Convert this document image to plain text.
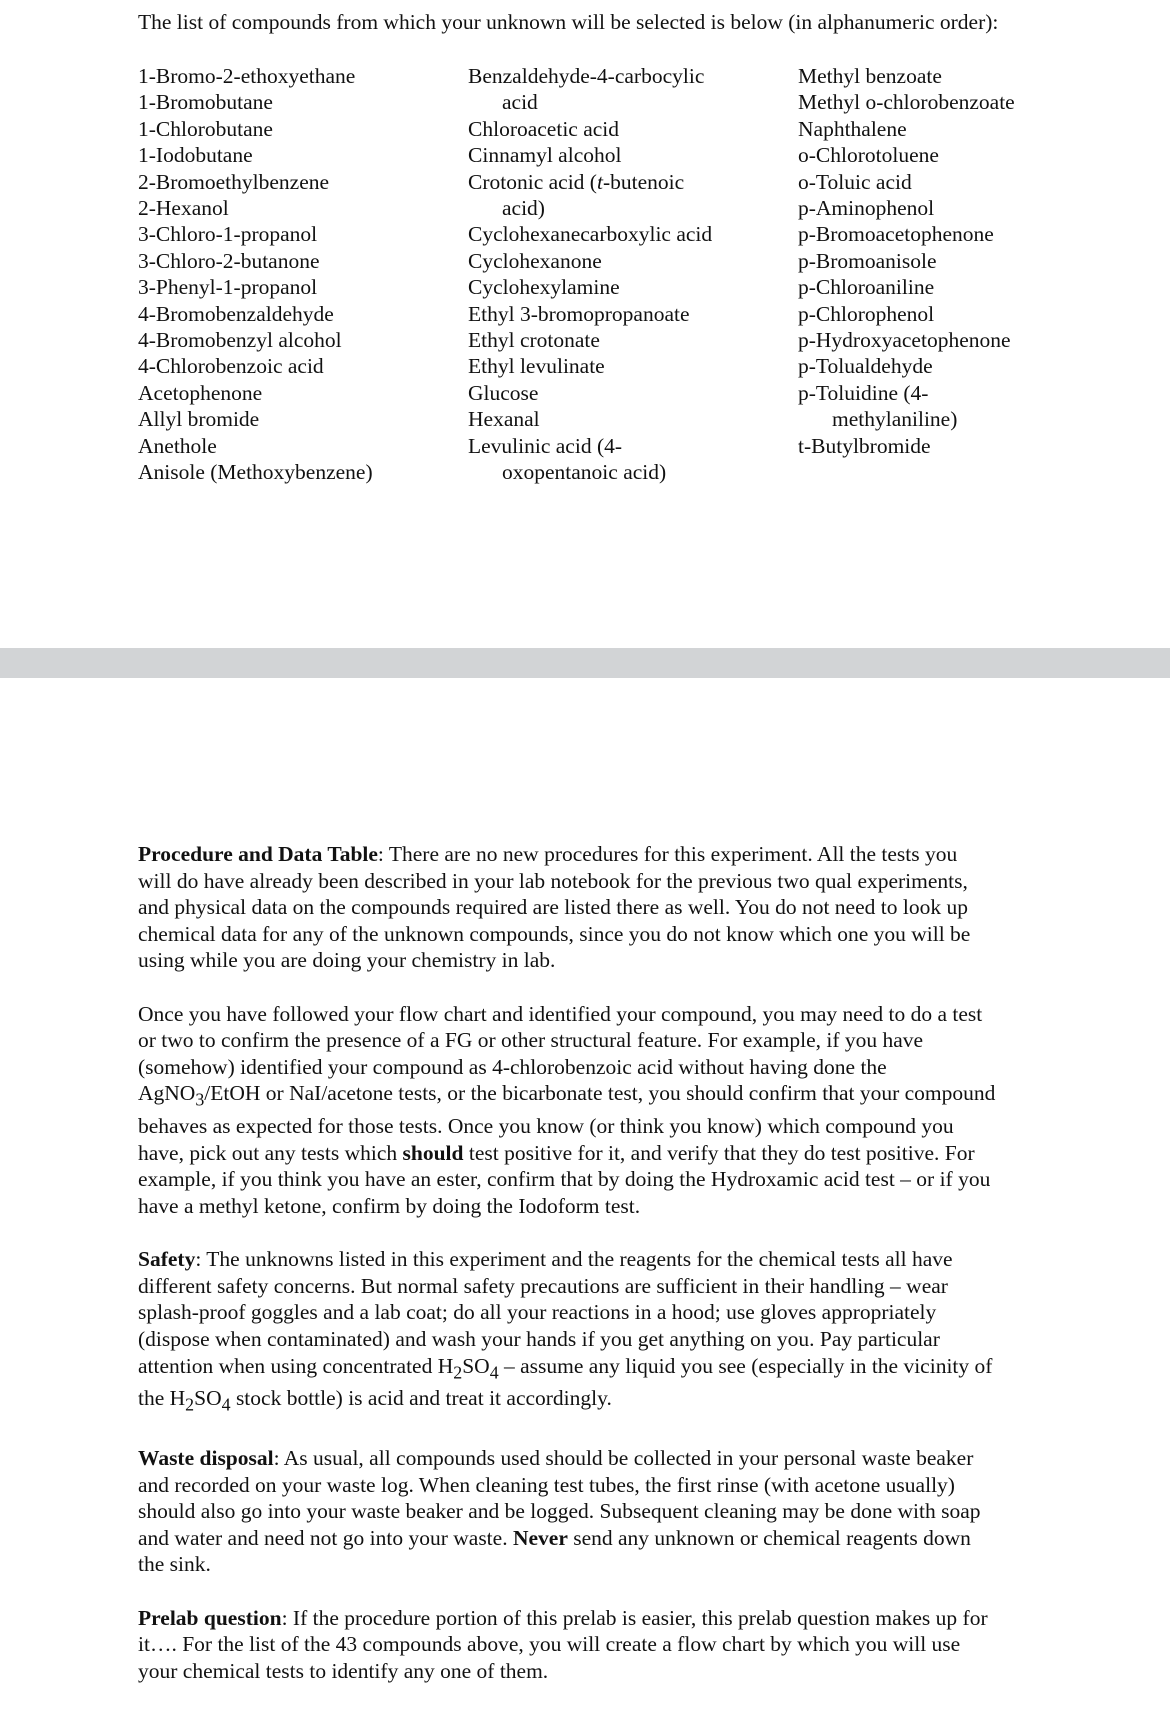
The list of compounds from which your unknown will be selected is below (in alphanumeric order):
1-Bromo-2-ethoxyethane
1-Bromobutane
1-Chlorobutane
1-Iodobutane
2-Bromoethylbenzene
2-Hexanol
3-Chloro-1-propanol
3-Chloro-2-butanone
3-Phenyl-1-propanol
4-Bromobenzaldehyde
4-Bromobenzyl alcohol
4-Chlorobenzoic acid
Acetophenone
Allyl bromide
Anethole
Anisole (Methoxybenzene)
Benzaldehyde-4-carbocylic
acid
Chloroacetic acid
Cinnamyl alcohol
Crotonic acid (t-butenoic
acid)
Cyclohexanecarboxylic acid
Cyclohexanone
Cyclohexylamine
Ethyl 3-bromopropanoate
Ethyl crotonate
Ethyl levulinate
Glucose
Hexanal
Levulinic acid (4-
oxopentanoic acid)
Methyl benzoate
Methyl o-chlorobenzoate
Naphthalene
o-Chlorotoluene
o-Toluic acid
p-Aminophenol
p-Bromoacetophenone
p-Bromoanisole
p-Chloroaniline
p-Chlorophenol
p-Hydroxyacetophenone
p-Tolualdehyde
p-Toluidine (4-
methylaniline)
t-Butylbromide
Procedure and Data Table: There are no new procedures for this experiment. All the tests you
will do have already been described in your lab notebook for the previous two qual experiments,
and physical data on the compounds required are listed there as well. You do not need to look up
chemical data for any of the unknown compounds, since you do not know which one you will be
using while you are doing your chemistry in lab.
Once you have followed your flow chart and identified your compound, you may need to do a test
or two to confirm the presence of a FG or other structural feature. For example, if you have
(somehow) identified your compound as 4-chlorobenzoic acid without having done the
AgNO$_3$/EtOH or NaI/acetone tests, or the bicarbonate test, you should confirm that your compound
behaves as expected for those tests. Once you know (or think you know) which compound you
have, pick out any tests which should test positive for it, and verify that they do test positive. For
example, if you think you have an ester, confirm that by doing the Hydroxamic acid test – or if you
have a methyl ketone, confirm by doing the Iodoform test.
Safety: The unknowns listed in this experiment and the reagents for the chemical tests all have
different safety concerns. But normal safety precautions are sufficient in their handling – wear
splash-proof goggles and a lab coat; do all your reactions in a hood; use gloves appropriately
(dispose when contaminated) and wash your hands if you get anything on you. Pay particular
attention when using concentrated $H_2SO_4$ – assume any liquid you see (especially in the vicinity of
the $H_2SO_4$ stock bottle) is acid and treat it accordingly.
Waste disposal: As usual, all compounds used should be collected in your personal waste beaker
and recorded on your waste log. When cleaning test tubes, the first rinse (with acetone usually)
should also go into your waste beaker and be logged. Subsequent cleaning may be done with soap
and water and need not go into your waste. Never send any unknown or chemical reagents down
the sink.
Prelab question: If the procedure portion of this prelab is easier, this prelab question makes up for
it…. For the list of the 43 compounds above, you will create a flow chart by which you will use
your chemical tests to identify any one of them.
